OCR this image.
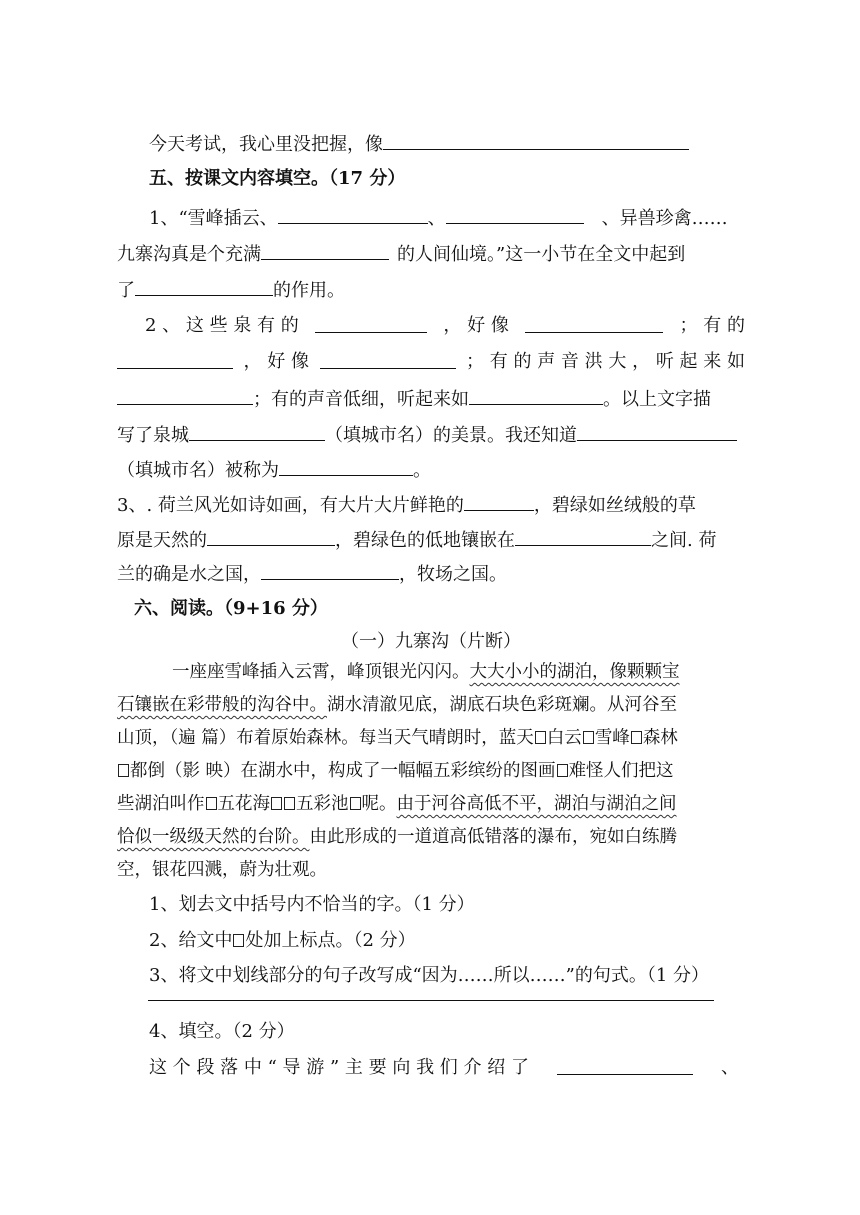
今天考试，我心里没把握，像
五、按课文内容填空。（17 分）
1、“雪峰插云、	、	、异兽珍禽……
九寨沟真是个充满	的人间仙境。”这一小节在全文中起到
了	的作用。
2 、 这 些 泉 有 的	， 好 像	； 有 的
， 好 像	； 有 的 声 音 洪 大 ， 听 起 来 如
；有的声音低细，听起来如	。以上文字描
写了泉城	（填城市名）的美景。我还知道
（填城市名）被称为	。
3、. 荷兰风光如诗如画，有大片大片鲜艳的	，碧绿如丝绒般的草
原是天然的	，碧绿色的低地镶嵌在	之间. 荷
兰的确是水之国，	，牧场之国。
六、阅读。（9+16 分）
（一）九寨沟（片断）
一座座雪峰插入云霄，峰顶银光闪闪。大大小小的湖泊，像颗颗宝
石镶嵌在彩带般的沟谷中。湖水清澈见底，湖底石块色彩斑斓。从河谷至
山顶，（遍 篇）布着原始森林。每当天气晴朗时，蓝天 白云 雪峰 森林
都倒（影 映）在湖水中，构成了一幅幅五彩缤纷的图画 难怪人们把这
些湖泊叫作 五花海 五彩池 呢。由于河谷高低不平，湖泊与湖泊之间
恰似一级级天然的台阶。由此形成的一道道高低错落的瀑布，宛如白练腾
空，银花四溅，蔚为壮观。
1、划去文中括号内不恰当的字。（1 分）
2、给文中 处加上标点。（2 分）
3、将文中划线部分的句子改写成“因为……所以……”的句式。（1 分）
4、填空。（2 分）
这 个 段 落 中 “ 导 游 ” 主 要 向 我 们 介 绍 了	、
